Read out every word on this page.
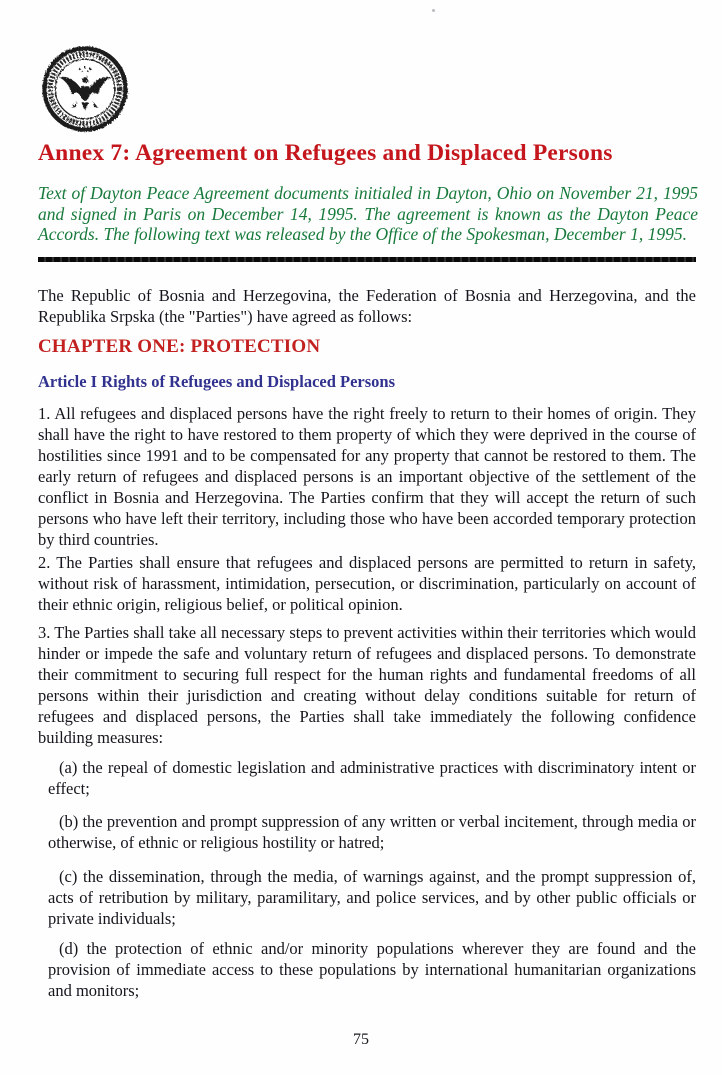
Annex 7: Agreement on Refugees and Displaced Persons
Text of Dayton Peace Agreement documents initialed in Dayton, Ohio on November 21, 1995 and signed in Paris on December 14, 1995. The agreement is known as the Dayton Peace Accords. The following text was released by the Office of the Spokesman, December 1, 1995.
The Republic of Bosnia and Herzegovina, the Federation of Bosnia and Herzegovina, and the Republika Srpska (the "Parties") have agreed as follows:
CHAPTER ONE: PROTECTION
Article I Rights of Refugees and Displaced Persons
1. All refugees and displaced persons have the right freely to return to their homes of origin. They shall have the right to have restored to them property of which they were deprived in the course of hostilities since 1991 and to be compensated for any property that cannot be restored to them. The early return of refugees and displaced persons is an important objective of the settlement of the conflict in Bosnia and Herzegovina. The Parties confirm that they will accept the return of such persons who have left their territory, including those who have been accorded temporary protection by third countries.
2. The Parties shall ensure that refugees and displaced persons are permitted to return in safety, without risk of harassment, intimidation, persecution, or discrimination, particularly on account of their ethnic origin, religious belief, or political opinion.
3. The Parties shall take all necessary steps to prevent activities within their territories which would hinder or impede the safe and voluntary return of refugees and displaced persons. To demonstrate their commitment to securing full respect for the human rights and fundamental freedoms of all persons within their jurisdiction and creating without delay conditions suitable for return of refugees and displaced persons, the Parties shall take immediately the following confidence building measures:
(a) the repeal of domestic legislation and administrative practices with discriminatory intent or effect;
(b) the prevention and prompt suppression of any written or verbal incitement, through media or otherwise, of ethnic or religious hostility or hatred;
(c) the dissemination, through the media, of warnings against, and the prompt suppression of, acts of retribution by military, paramilitary, and police services, and by other public officials or private individuals;
(d) the protection of ethnic and/or minority populations wherever they are found and the provision of immediate access to these populations by international humanitarian organizations and monitors;
75
